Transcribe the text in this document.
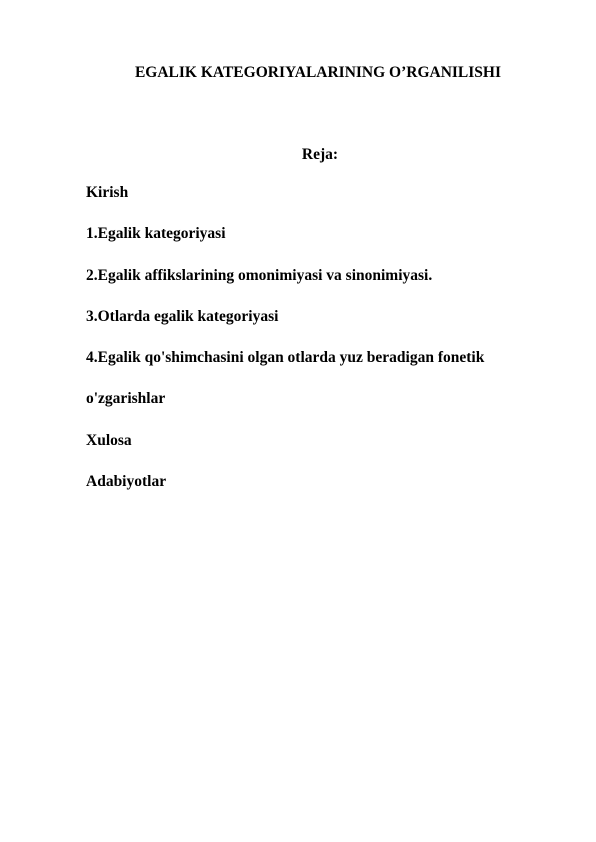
EGALIK KATEGORIYALARINING O’RGANILISHI
Reja:
Kirish
1.Egalik kategoriyasi
2.Egalik affikslarining omonimiyasi va sinonimiyasi.
3.Otlarda egalik kategoriyasi
4.Egalik qo'shimchasini olgan otlarda yuz beradigan fonetik
o'zgarishlar
Xulosa
Adabiyotlar
